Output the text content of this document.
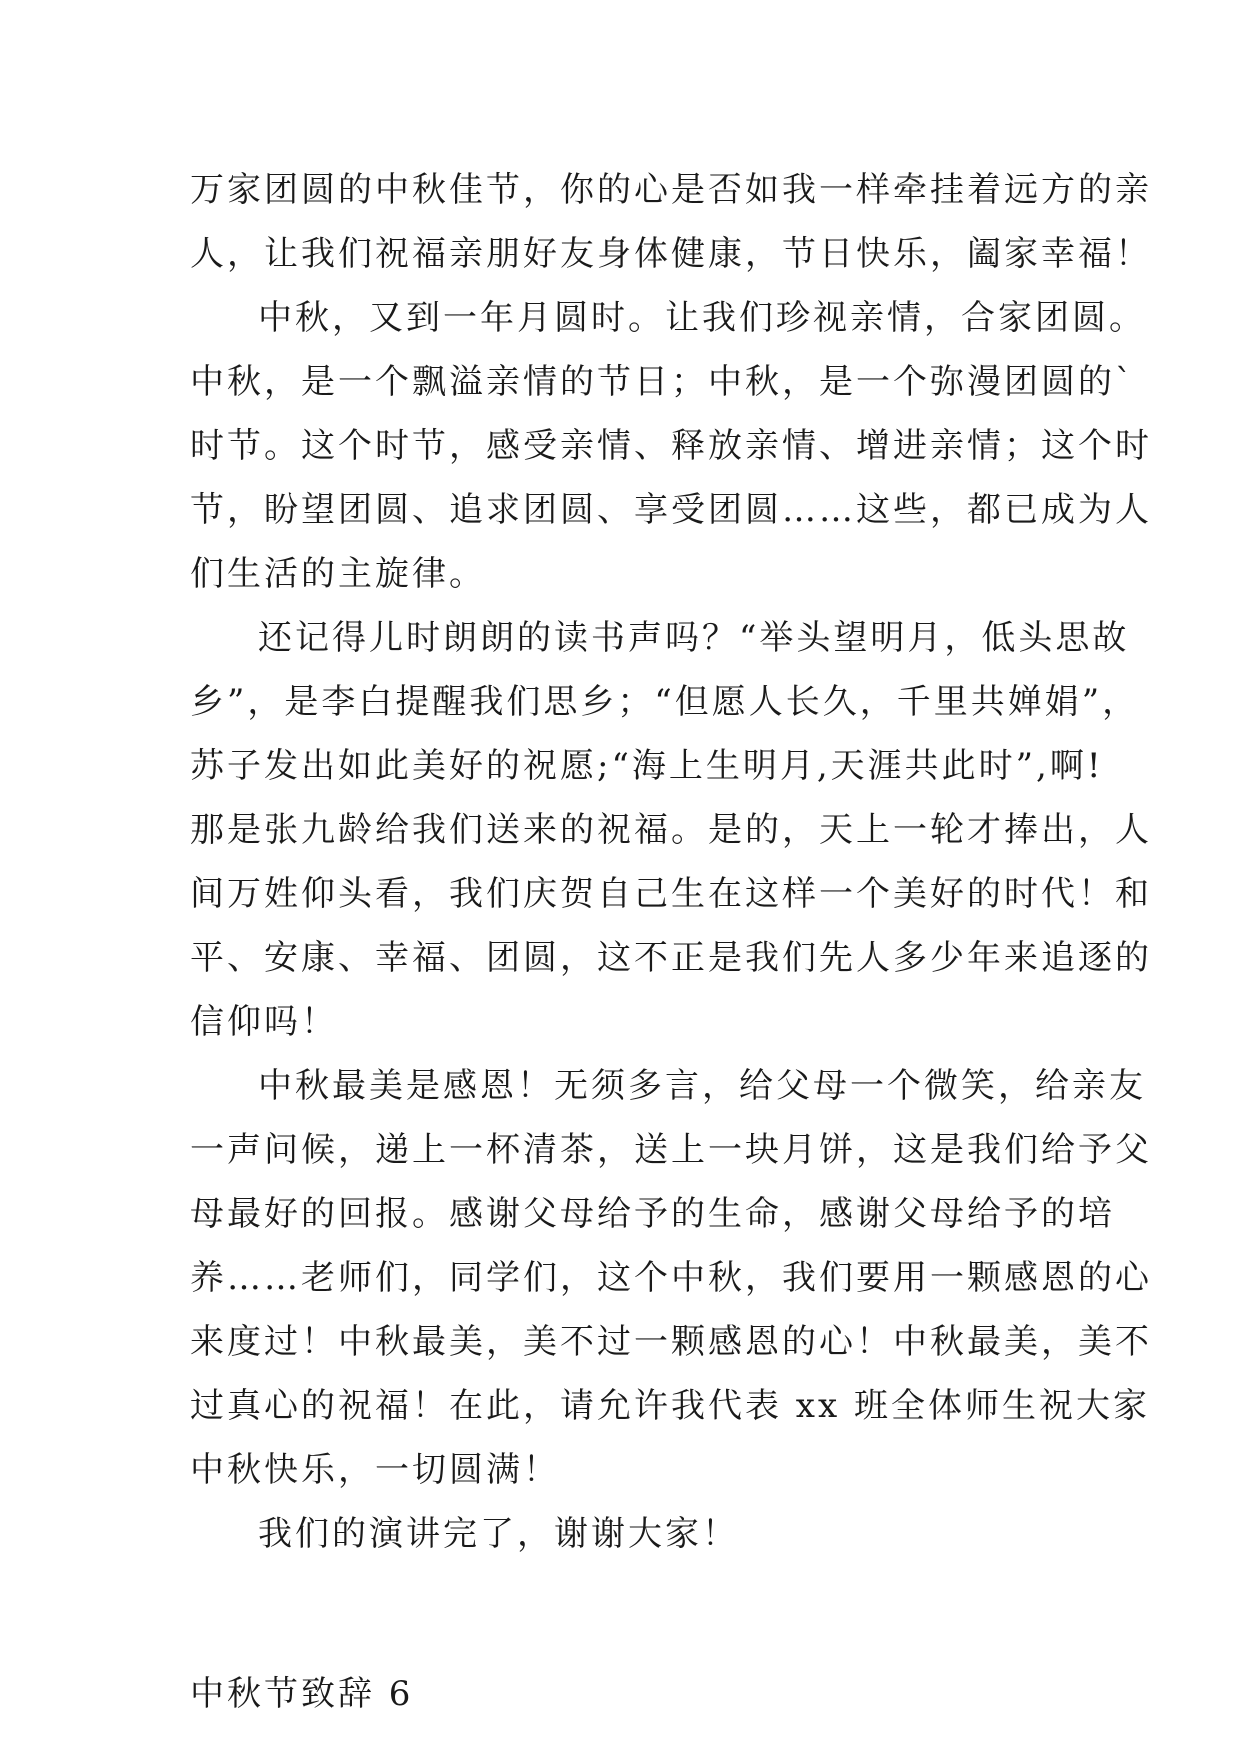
万家团圆的中秋佳节，你的心是否如我一样牵挂着远方的亲
人，让我们祝福亲朋好友身体健康，节日快乐，阖家幸福！
中秋，又到一年月圆时。让我们珍视亲情，合家团圆。
中秋，是一个飘溢亲情的节日；中秋，是一个弥漫团圆的`
时节。这个时节，感受亲情、释放亲情、增进亲情；这个时
节，盼望团圆、追求团圆、享受团圆……这些，都已成为人
们生活的主旋律。
还记得儿时朗朗的读书声吗？“举头望明月，低头思故
乡”，是李白提醒我们思乡；“但愿人长久，千里共婵娟”，
苏子发出如此美好的祝愿;“海上生明月,天涯共此时”,啊!
那是张九龄给我们送来的祝福。是的，天上一轮才捧出，人
间万姓仰头看，我们庆贺自己生在这样一个美好的时代！和
平、安康、幸福、团圆，这不正是我们先人多少年来追逐的
信仰吗！
中秋最美是感恩！无须多言，给父母一个微笑，给亲友
一声问候，递上一杯清茶，送上一块月饼，这是我们给予父
母最好的回报。感谢父母给予的生命，感谢父母给予的培
养……老师们，同学们，这个中秋，我们要用一颗感恩的心
来度过！中秋最美，美不过一颗感恩的心！中秋最美，美不
过真心的祝福！在此，请允许我代表 xx 班全体师生祝大家
中秋快乐，一切圆满！
我们的演讲完了，谢谢大家！
中秋节致辞 6
